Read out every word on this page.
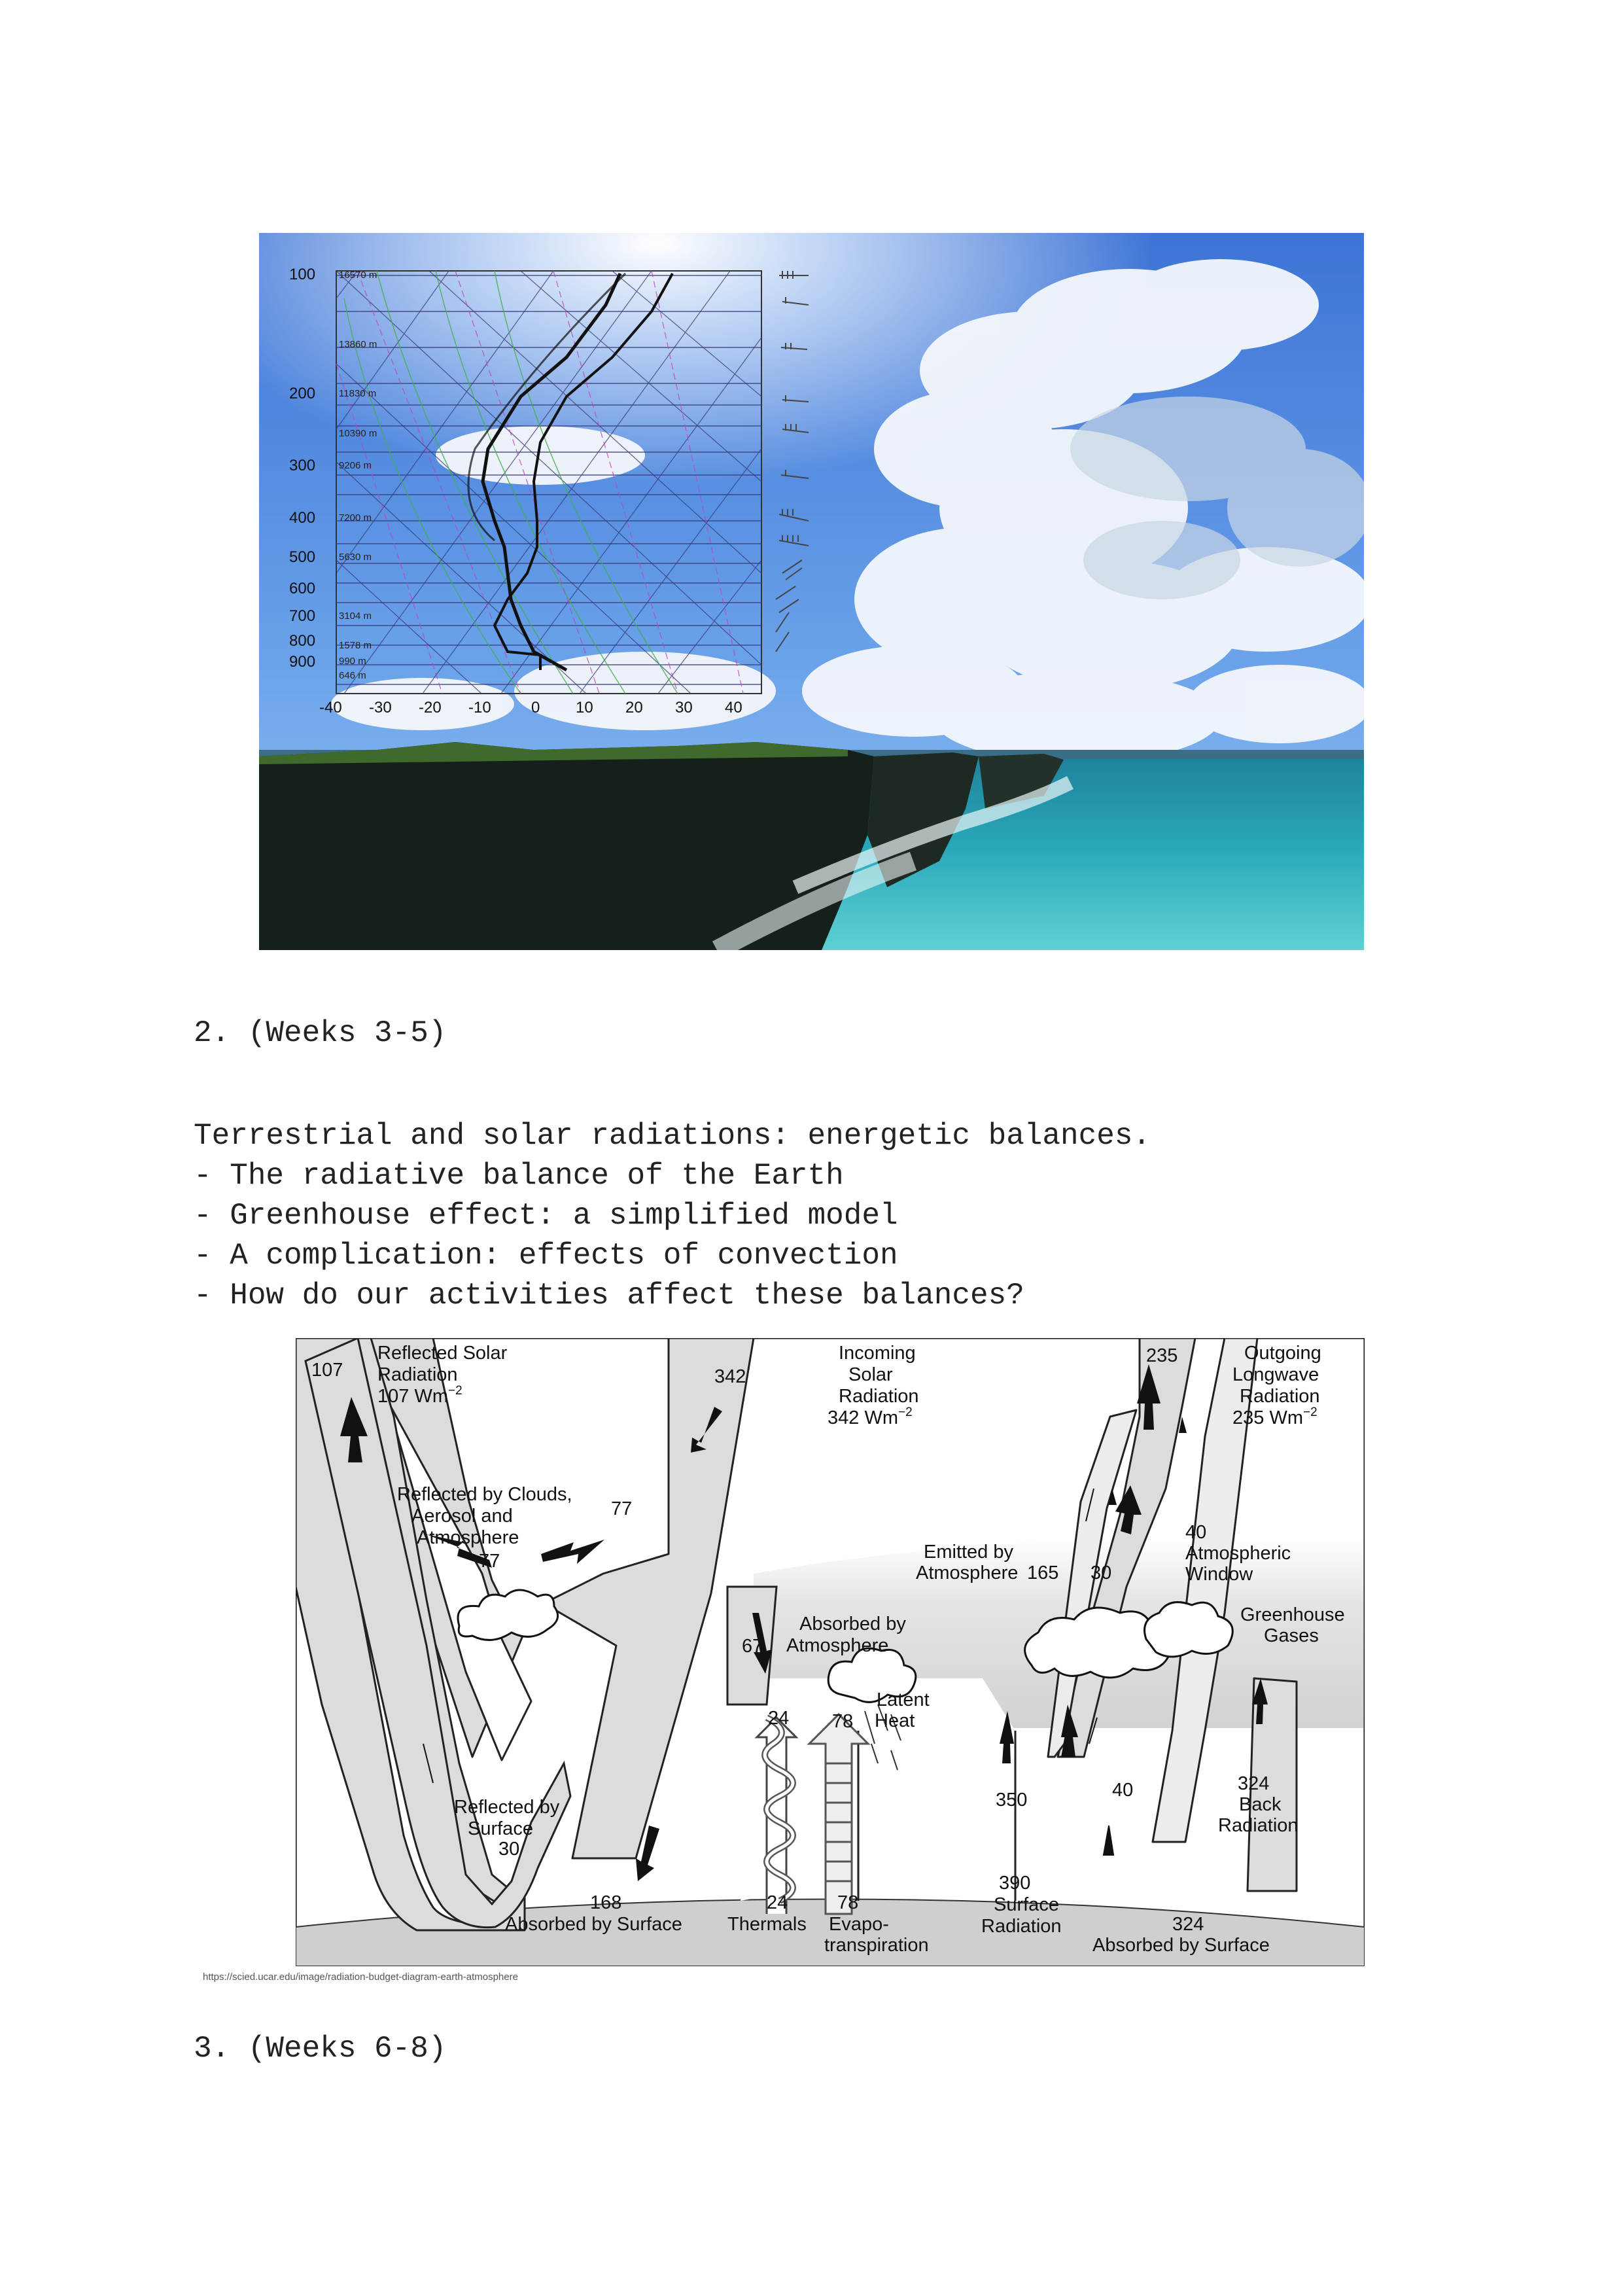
100
200
300
400
500
600
700
800
900
16570 m
13860 m
11830 m
10390 m
9206 m
7200 m
5630 m
3104 m
1578 m
990 m
646 m
-40 -30 -20 -10	0 10 20 30 40
2. (Weeks 3-5)
Terrestrial and solar radiations: energetic balances.
- The radiative balance of the Earth
- Greenhouse effect: a simplified model
- A complication: effects of convection
- How do our activities affect these balances?
107
Reflected Solar
Radiation
107 $Wm^{-2}$
342
Incoming
Solar
Radiation
342 $Wm^{-2}$
235	Outgoing
Longwave
Radiation
235 $Wm^{-2}$
Reflected by Clouds,
Aerosol and
Atmosphere
77
77
Emitted by
Atmosphere 165 30
40
Atmospheric
Window
Greenhouse
Gases
67
Absorbed by
Atmosphere
78
Latent
Heat
24
350	40	324
Back
Radiation
Reflected by
Surface
30
168
Absorbed by Surface
24
Thermals
78
Evapo-
transpiration
390
Surface
Radiation	324
Absorbed by Surface
https://scied.ucar.edu/image/radiation-budget-diagram-earth-atmosphere
3. (Weeks 6-8)
